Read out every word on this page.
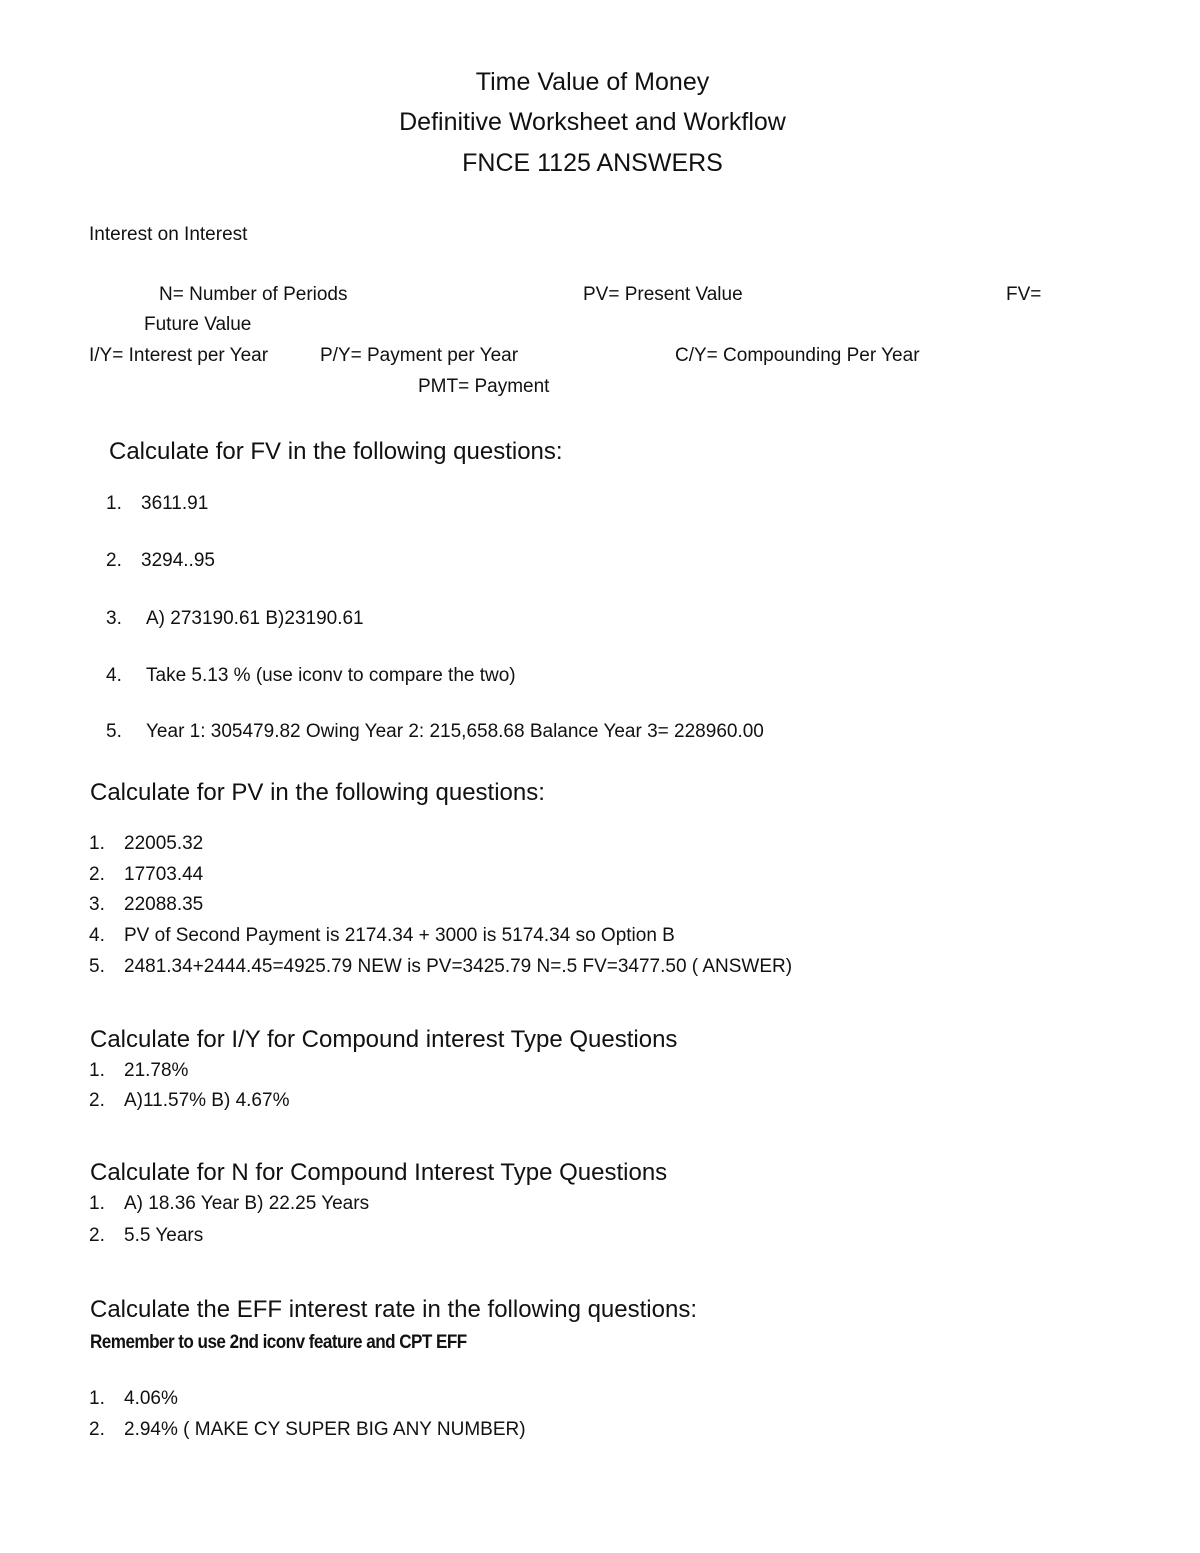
Time Value of Money
Definitive Worksheet and Workflow
FNCE 1125 ANSWERS
Interest on Interest
N= Number of Periods	PV= Present Value	FV=
Future Value
I/Y= Interest per Year	P/Y= Payment per Year	C/Y= Compounding Per Year
PMT= Payment
Calculate for FV in the following questions:
1. 3611.91
2. 3294..95
3. A) 273190.61 B)23190.61
4. Take 5.13 % (use iconv to compare the two)
5. Year 1: 305479.82 Owing Year 2: 215,658.68 Balance Year 3= 228960.00
Calculate for PV in the following questions:
1. 22005.32
2. 17703.44
3. 22088.35
4. PV of Second Payment is 2174.34 + 3000 is 5174.34 so Option B
5. 2481.34+2444.45=4925.79 NEW is PV=3425.79 N=.5 FV=3477.50 ( ANSWER)
Calculate for I/Y for Compound interest Type Questions
1. 21.78%
2. A)11.57% B) 4.67%
Calculate for N for Compound Interest Type Questions
1. A) 18.36 Year B) 22.25 Years
2. 5.5 Years
Calculate the EFF interest rate in the following questions:
Remember to use 2nd iconv feature and CPT EFF
1. 4.06%
2. 2.94% ( MAKE CY SUPER BIG ANY NUMBER)
